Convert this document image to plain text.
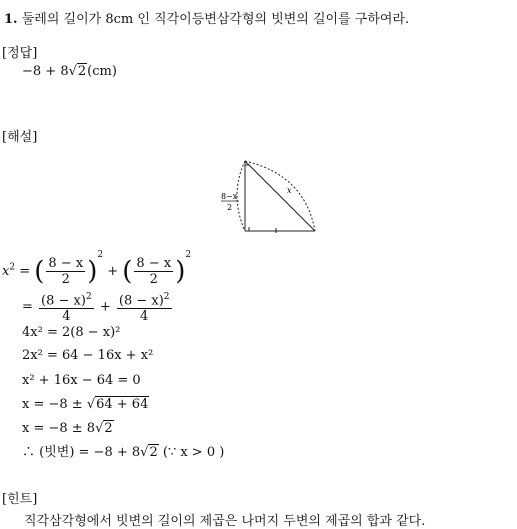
1. 둘레의 길이가 8cm 인 직각이등변삼각형의 빗변의 길이를 구하여라.
[정답]
−8 + 8√2(cm)
[해설]
8−x
2
x
$x^2$ = ( $\frac{8 - x}{2} )^2$ + ( $\frac{8 - x}{2} )^2$
= $\frac{(8 - x)^2}{4} + \frac{(8 - x)^2}{4}$
4x² = 2(8 − x)²
2x² = 64 − 16x + x²
x² + 16x − 64 = 0
x = −8 ± √64 + 64
x = −8 ± 8√2
∴ (빗변) = −8 + 8√2 (∵ x > 0 )
[힌트]
직각삼각형에서 빗변의 길이의 제곱은 나머지 두변의 제곱의 합과 같다.
